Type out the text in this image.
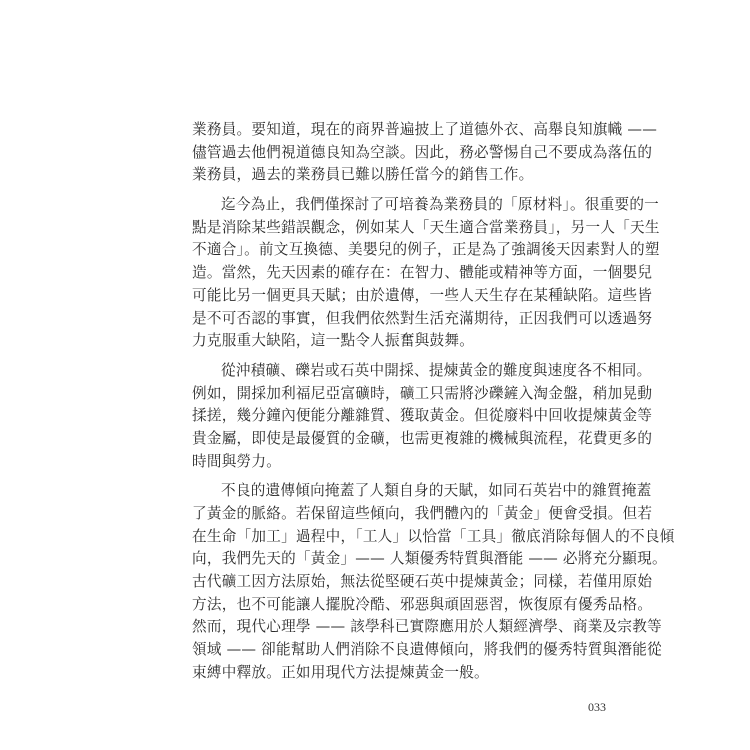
業務員。要知道，現在的商界普遍披上了道德外衣、高舉良知旗幟 ——
儘管過去他們視道德良知為空談。因此，務必警惕自己不要成為落伍的
業務員，過去的業務員已難以勝任當今的銷售工作。
迄今為止，我們僅探討了可培養為業務員的「原材料」。很重要的一
點是消除某些錯誤觀念，例如某人「天生適合當業務員」，另一人「天生
不適合」。前文互換德、美嬰兒的例子，正是為了強調後天因素對人的塑
造。當然，先天因素的確存在：在智力、體能或精神等方面，一個嬰兒
可能比另一個更具天賦；由於遺傳，一些人天生存在某種缺陷。這些皆
是不可否認的事實，但我們依然對生活充滿期待，正因我們可以透過努
力克服重大缺陷，這一點令人振奮與鼓舞。
從沖積礦、礫岩或石英中開採、提煉黃金的難度與速度各不相同。
例如，開採加利福尼亞富礦時，礦工只需將沙礫鏟入淘金盤，稍加晃動
揉搓，幾分鐘內便能分離雜質、獲取黃金。但從廢料中回收提煉黃金等
貴金屬，即使是最優質的金礦，也需更複雜的機械與流程，花費更多的
時間與勞力。
不良的遺傳傾向掩蓋了人類自身的天賦，如同石英岩中的雜質掩蓋
了黃金的脈絡。若保留這些傾向，我們體內的「黃金」便會受損。但若
在生命「加工」過程中，「工人」以恰當「工具」徹底消除每個人的不良傾
向，我們先天的「黃金」—— 人類優秀特質與潛能 —— 必將充分顯現。
古代礦工因方法原始，無法從堅硬石英中提煉黃金；同樣，若僅用原始
方法，也不可能讓人擺脫冷酷、邪惡與頑固惡習，恢復原有優秀品格。
然而，現代心理學 —— 該學科已實際應用於人類經濟學、商業及宗教等
領域 —— 卻能幫助人們消除不良遺傳傾向，將我們的優秀特質與潛能從
束縛中釋放。正如用現代方法提煉黃金一般。
033
